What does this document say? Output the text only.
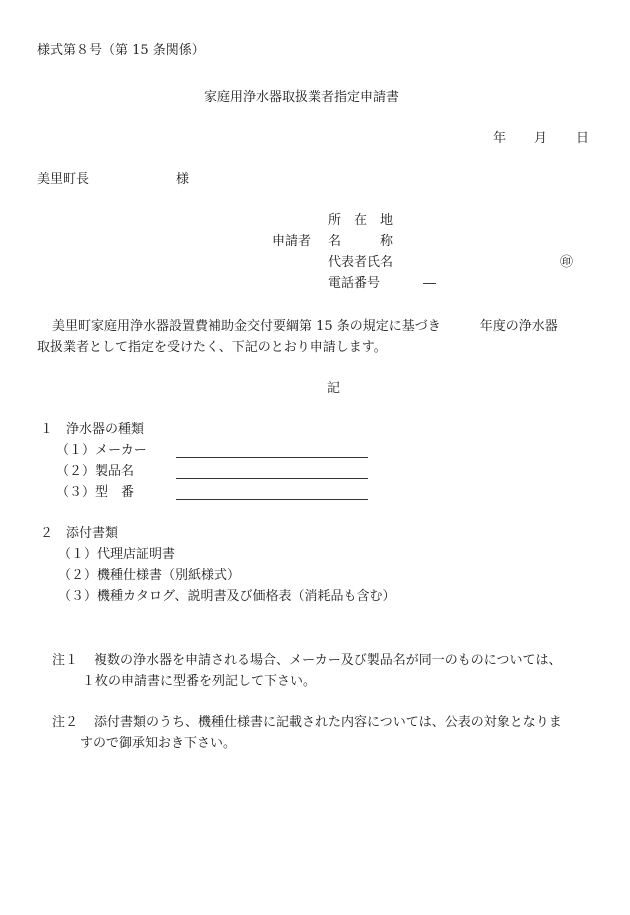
様式第８号（第 15 条関係）
家庭用浄水器取扱業者指定申請書
年 月 日
美里町長	様
所　在　地
申請者 名　　　称
代表者氏名	㊞
電話番号	―
美里町家庭用浄水器設置費補助金交付要綱第 15 条の規定に基づき　　　年度の浄水器
取扱業者として指定を受けたく、下記のとおり申請します。
記
１　浄水器の種類
（１）メーカー
（２）製品名
（３）型　番
２　添付書類
（１）代理店証明書
（２）機種仕様書（別紙様式）
（３）機種カタログ、説明書及び価格表（消耗品も含む）
注１ 複数の浄水器を申請される場合、メーカー及び製品名が同一のものについては、
１枚の申請書に型番を列記して下さい。
注２ 添付書類のうち、機種仕様書に記載された内容については、公表の対象となりま
すので御承知おき下さい。
